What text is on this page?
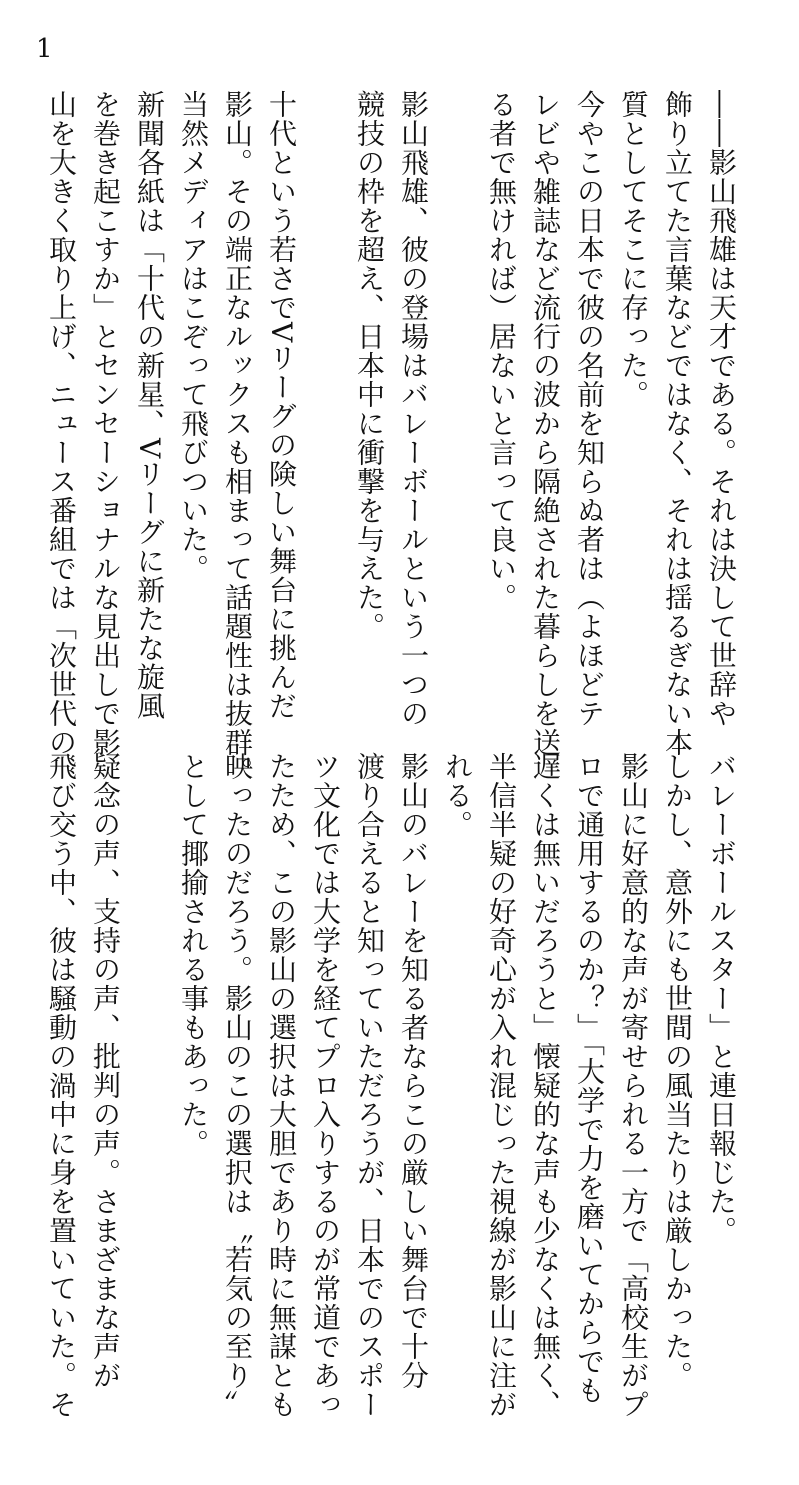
1
――影山飛雄は天才である。それは決して世辞や
飾り立てた言葉などではなく、それは揺るぎない本
質としてそこに存った。
今やこの日本で彼の名前を知らぬ者は（よほどテ
レビや雑誌など流行の波から隔絶された暮らしを送
る者で無ければ）居ないと言って良い。
影山飛雄、彼の登場はバレーボールという一つの
競技の枠を超え、日本中に衝撃を与えた。
十代という若さでVリーグの険しい舞台に挑んだ
影山。その端正なルックスも相まって話題性は抜群。
当然メディアはこぞって飛びついた。
新聞各紙は「十代の新星、Vリーグに新たな旋風
を巻き起こすか」とセンセーショナルな見出しで影
山を大きく取り上げ、ニュース番組では「次世代の
バレーボールスター」と連日報じた。
しかし、意外にも世間の風当たりは厳しかった。
影山に好意的な声が寄せられる一方で「高校生がプ
ロで通用するのか？」「大学で力を磨いてからでも
遅くは無いだろうと」懐疑的な声も少なくは無く、
半信半疑の好奇心が入れ混じった視線が影山に注が
れる。
影山のバレーを知る者ならこの厳しい舞台で十分
渡り合えると知っていただろうが、日本でのスポー
ツ文化では大学を経てプロ入りするのが常道であっ
たため、この影山の選択は大胆であり時に無謀とも
映ったのだろう。影山のこの選択は〝若気の至り〟
として揶揄される事もあった。
疑念の声、支持の声、批判の声。さまざまな声が
飛び交う中、彼は騒動の渦中に身を置いていた。そ
